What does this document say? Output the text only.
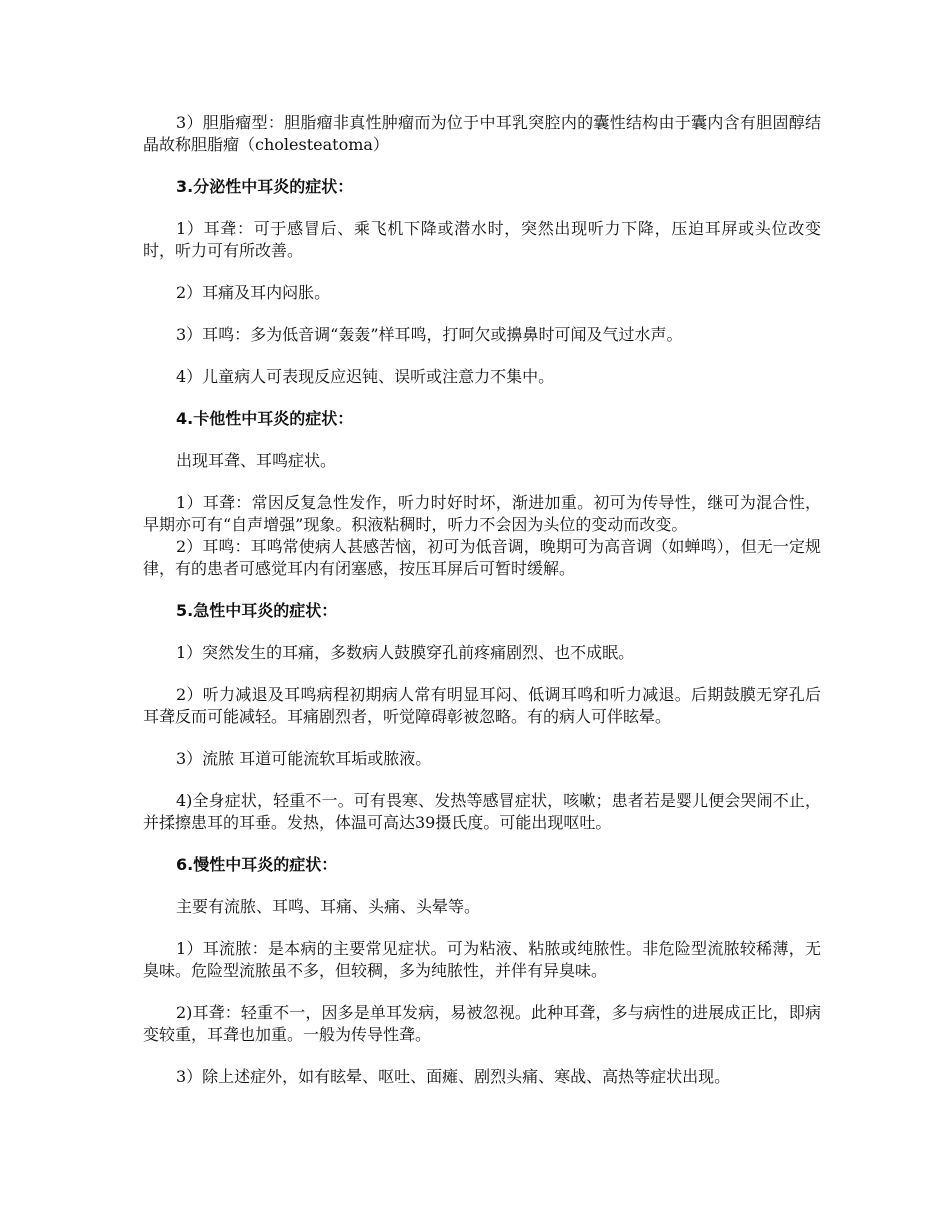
3）胆脂瘤型：胆脂瘤非真性肿瘤而为位于中耳乳突腔内的囊性结构由于囊内含有胆固醇结晶故称胆脂瘤（cholesteatoma）
3.分泌性中耳炎的症状：
1）耳聋：可于感冒后、乘飞机下降或潜水时，突然出现听力下降，压迫耳屏或头位改变时，听力可有所改善。
2）耳痛及耳内闷胀。
3）耳鸣：多为低音调“轰轰”样耳鸣，打呵欠或擤鼻时可闻及气过水声。
4）儿童病人可表现反应迟钝、误听或注意力不集中。
4.卡他性中耳炎的症状：
出现耳聋、耳鸣症状。
1）耳聋：常因反复急性发作，听力时好时坏，渐进加重。初可为传导性，继可为混合性，早期亦可有“自声增强”现象。积液粘稠时，听力不会因为头位的变动而改变。
2）耳鸣：耳鸣常使病人甚感苦恼，初可为低音调，晚期可为高音调（如蝉鸣），但无一定规律，有的患者可感觉耳内有闭塞感，按压耳屏后可暂时缓解。
5.急性中耳炎的症状：
1）突然发生的耳痛，多数病人鼓膜穿孔前疼痛剧烈、也不成眠。
2）听力减退及耳鸣病程初期病人常有明显耳闷、低调耳鸣和听力减退。后期鼓膜无穿孔后耳聋反而可能减轻。耳痛剧烈者，听觉障碍彰被忽略。有的病人可伴眩晕。
3）流脓 耳道可能流软耳垢或脓液。
4)全身症状，轻重不一。可有畏寒、发热等感冒症状，咳嗽；患者若是婴儿便会哭闹不止，并揉擦患耳的耳垂。发热，体温可高达39摄氏度。可能出现呕吐。
6.慢性中耳炎的症状：
主要有流脓、耳鸣、耳痛、头痛、头晕等。
1）耳流脓：是本病的主要常见症状。可为粘液、粘脓或纯脓性。非危险型流脓较稀薄，无臭味。危险型流脓虽不多，但较稠，多为纯脓性，并伴有异臭味。
2)耳聋：轻重不一，因多是单耳发病，易被忽视。此种耳聋，多与病性的进展成正比，即病变较重，耳聋也加重。一般为传导性聋。
3）除上述症外，如有眩晕、呕吐、面瘫、剧烈头痛、寒战、高热等症状出现。
